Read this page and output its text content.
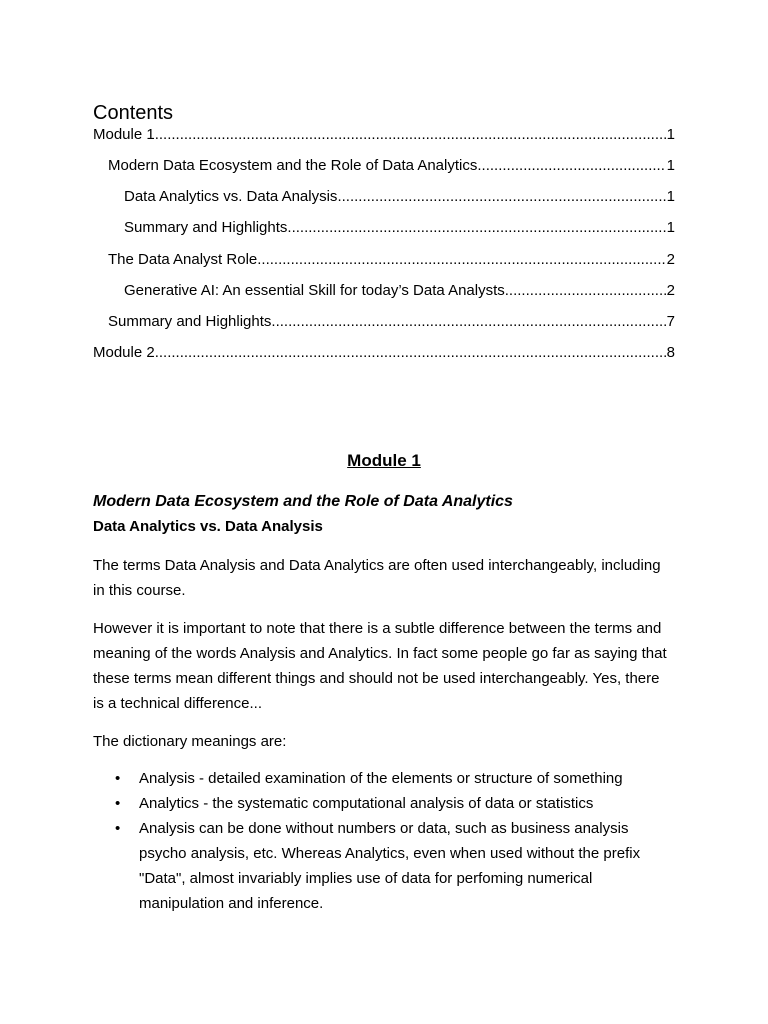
Contents
Module 1 .....	1
Modern Data Ecosystem and the Role of Data Analytics .....	1
Data Analytics vs. Data Analysis .....	1
Summary and Highlights .....	1
The Data Analyst Role .....	2
Generative AI: An essential Skill for today’s Data Analysts .....	2
Summary and Highlights .....	7
Module 2 .....	8
Module 1
Modern Data Ecosystem and the Role of Data Analytics
Data Analytics vs. Data Analysis

The terms Data Analysis and Data Analytics are often used interchangeably, including in this course.

However it is important to note that there is a subtle difference between the terms and meaning of the words Analysis and Analytics. In fact some people go far as saying that these terms mean different things and should not be used interchangeably. Yes, there is a technical difference...

The dictionary meanings are:

• Analysis - detailed examination of the elements or structure of something
• Analytics - the systematic computational analysis of data or statistics
• Analysis can be done without numbers or data, such as business analysis psycho analysis, etc. Whereas Analytics, even when used without the prefix "Data", almost invariably implies use of data for perfoming numerical manipulation and inference.
